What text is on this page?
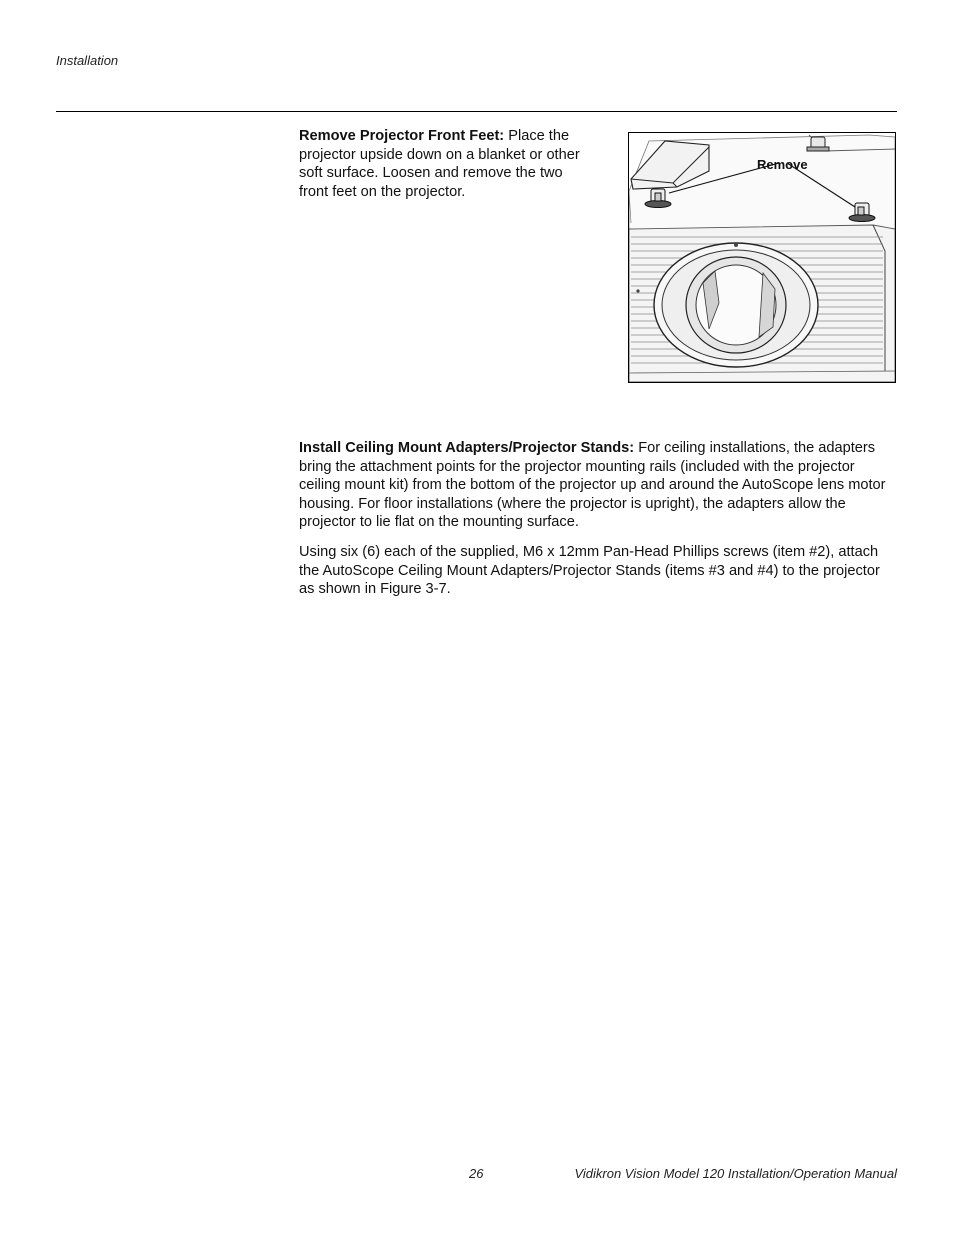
Installation

Remove Projector Front Feet: Place the projector upside down on a blanket or other soft surface. Loosen and remove the two front feet on the projector.

Remove

Install Ceiling Mount Adapters/Projector Stands: For ceiling installations, the adapters bring the attachment points for the projector mounting rails (included with the projector ceiling mount kit) from the bottom of the projector up and around the AutoScope lens motor housing. For floor installations (where the projector is upright), the adapters allow the projector to lie flat on the mounting surface.

Using six (6) each of the supplied, M6 x 12mm Pan-Head Phillips screws (item #2), attach the AutoScope Ceiling Mount Adapters/Projector Stands (items #3 and #4) to the projector as shown in Figure 3-7.

26	Vidikron Vision Model 120 Installation/Operation Manual
